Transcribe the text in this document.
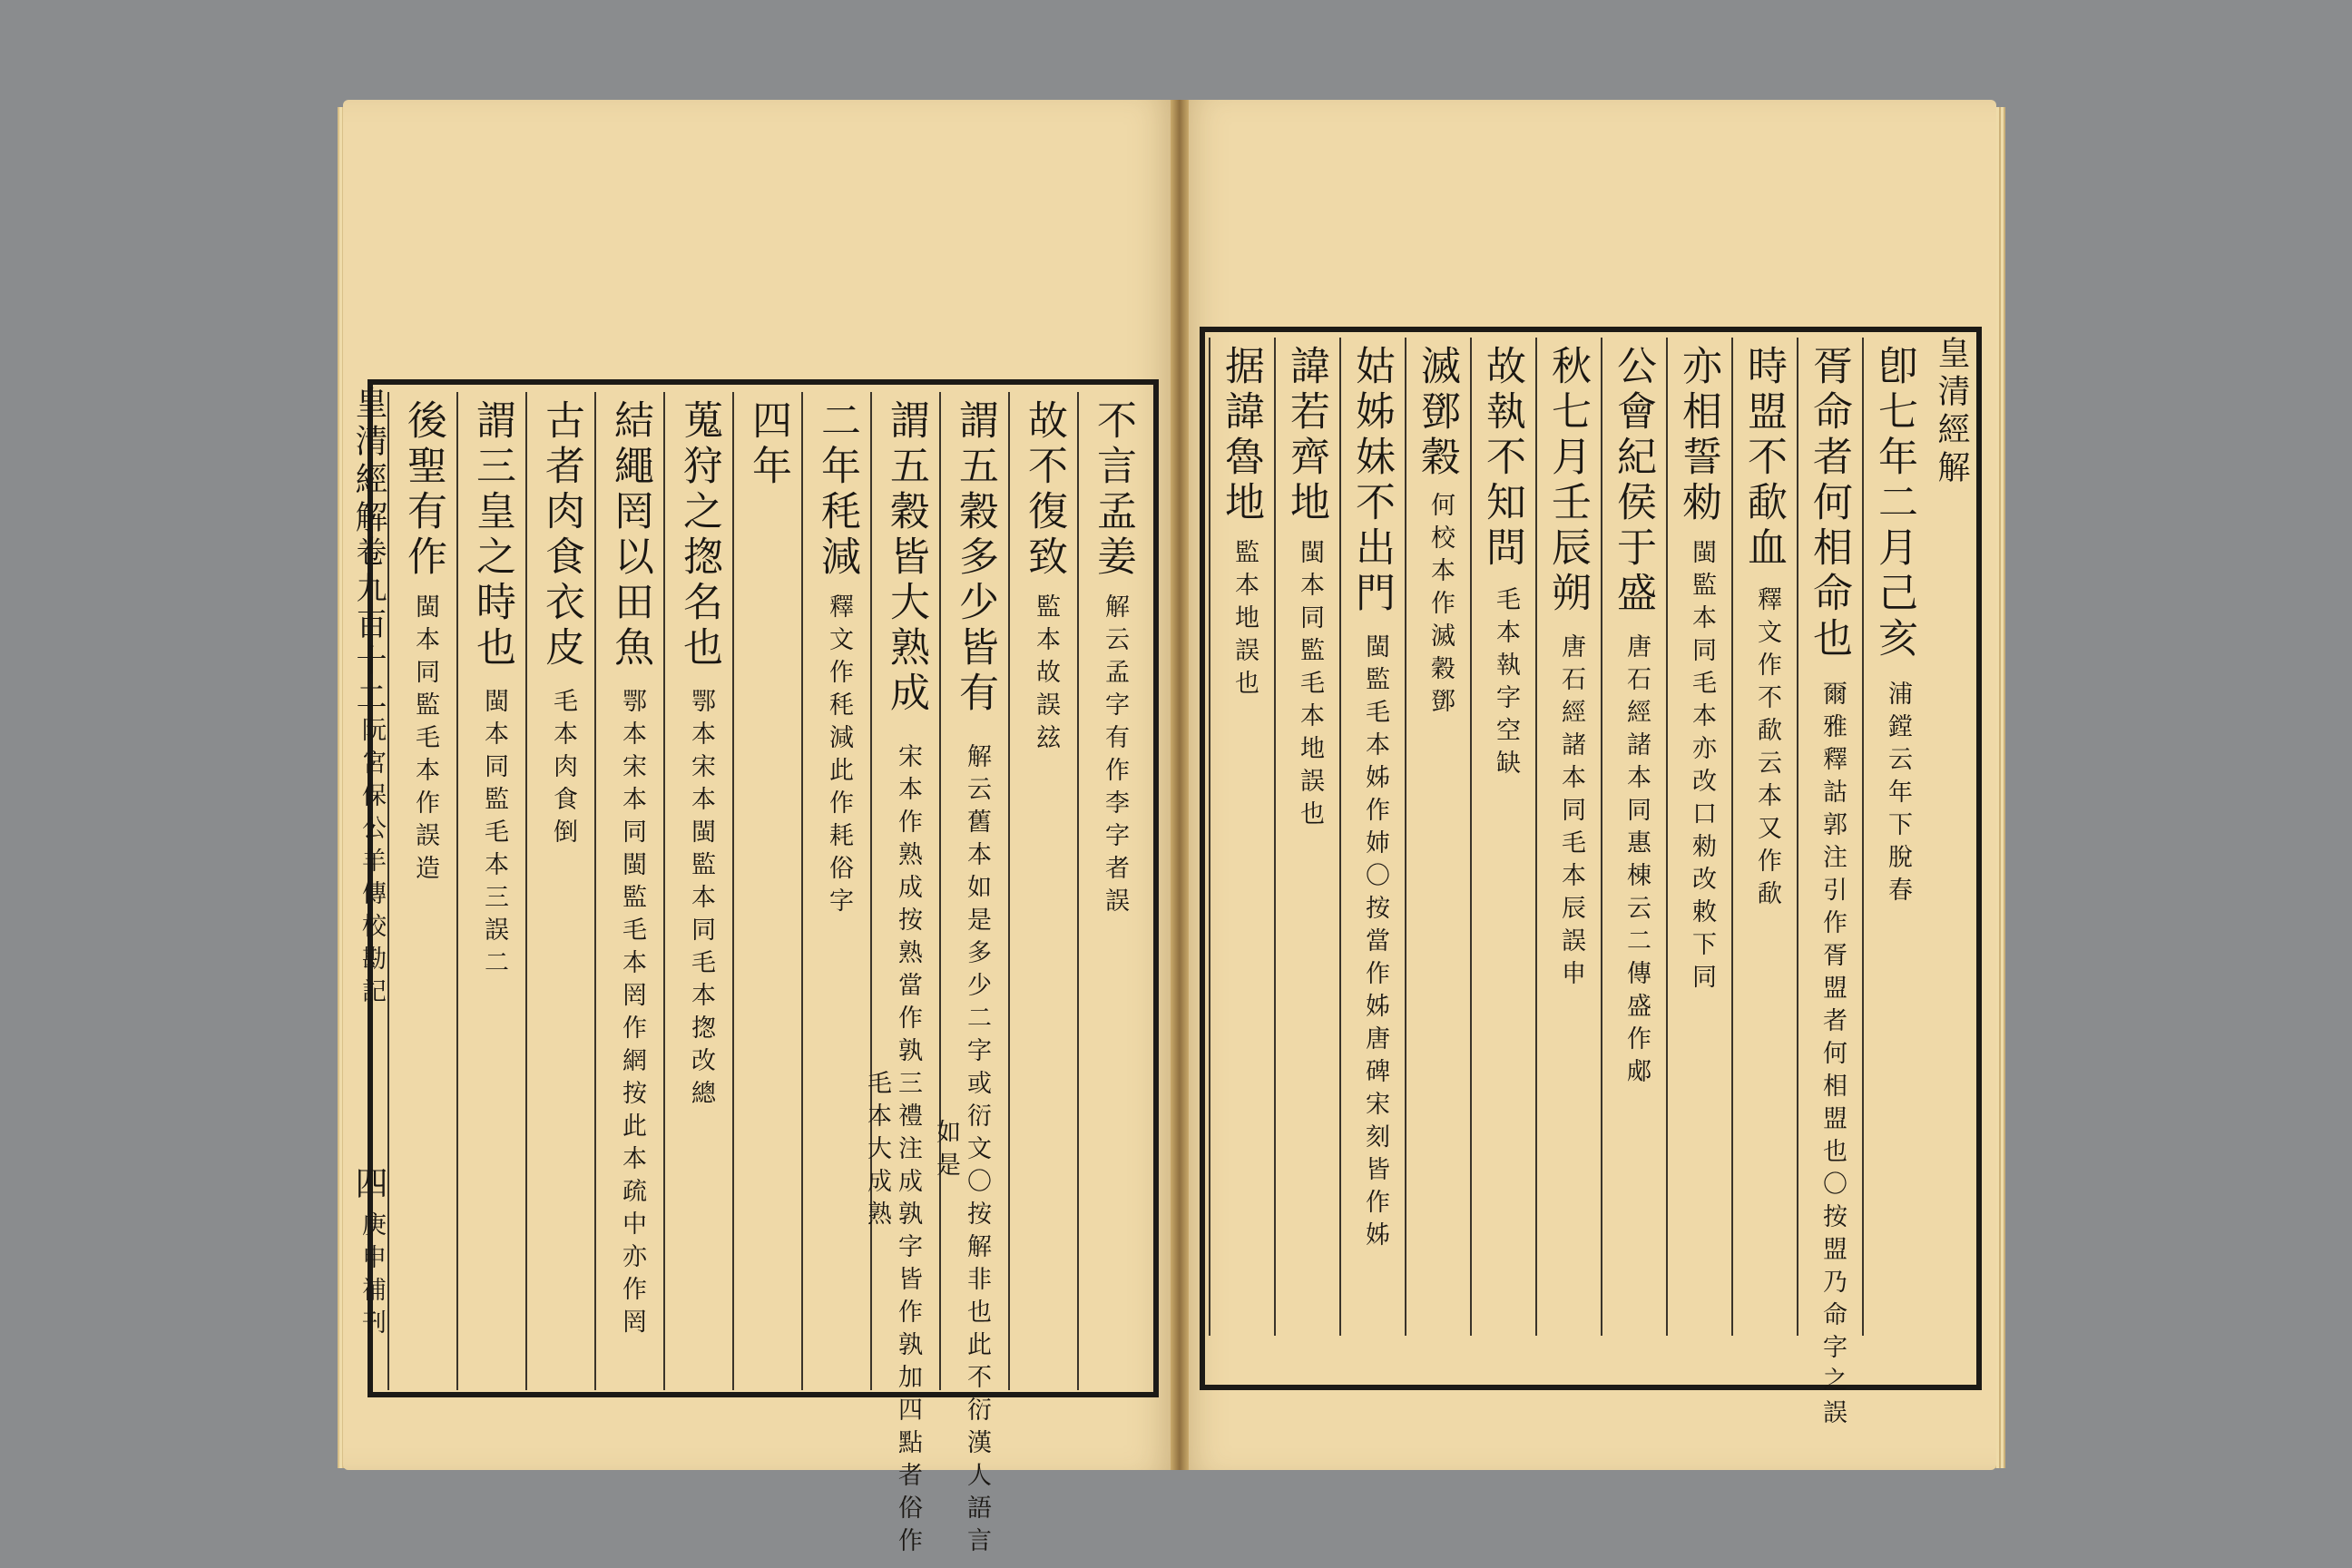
皇清經解
卷九百十二
阮宮保公羊傳校勘記
四
庚申補刊
皇清經解
不言孟姜
解云孟字有作李字者誤
故不復致
監本故誤玆
謂五穀多少皆有
解云舊本如是多少二字或衍文〇按解非也此不衍漢人語言如是
謂五穀皆大熟成
宋本作熟成按熟當作孰三禮注成孰字皆作孰加四點者俗作毛本大成熟
二年秏減
釋文作秏減此作耗俗字
四年
蒐狩之揔名也
鄂本宋本閩監本同毛本揔改總
結繩罔以田魚
鄂本宋本同閩監毛本罔作網按此本疏中亦作罔
古者肉食衣皮
毛本肉食倒
謂三皇之時也
閩本同監毛本三誤二
後聖有作
閩本同監毛本作誤造
卽七年二月己亥
浦鏜云年下脫春
胥命者何相命也
爾雅釋詁郭注引作胥盟者何相盟也〇按盟乃命字之誤
時盟不歃血
釋文作不歃云本又作歃
亦相誓勑
閩監本同毛本亦改口勑改敕下同
公會紀侯于盛
唐石經諸本同惠棟云二傳盛作郕
秋七月壬辰朔
唐石經諸本同毛本辰誤申
故執不知問
毛本執字空缺
滅鄧穀
何校本作滅穀鄧
姑姊妹不出門
閩監毛本姊作姉〇按當作姊唐碑宋刻皆作姊
諱若齊地
閩本同監毛本地誤也
据諱魯地
監本地誤也
